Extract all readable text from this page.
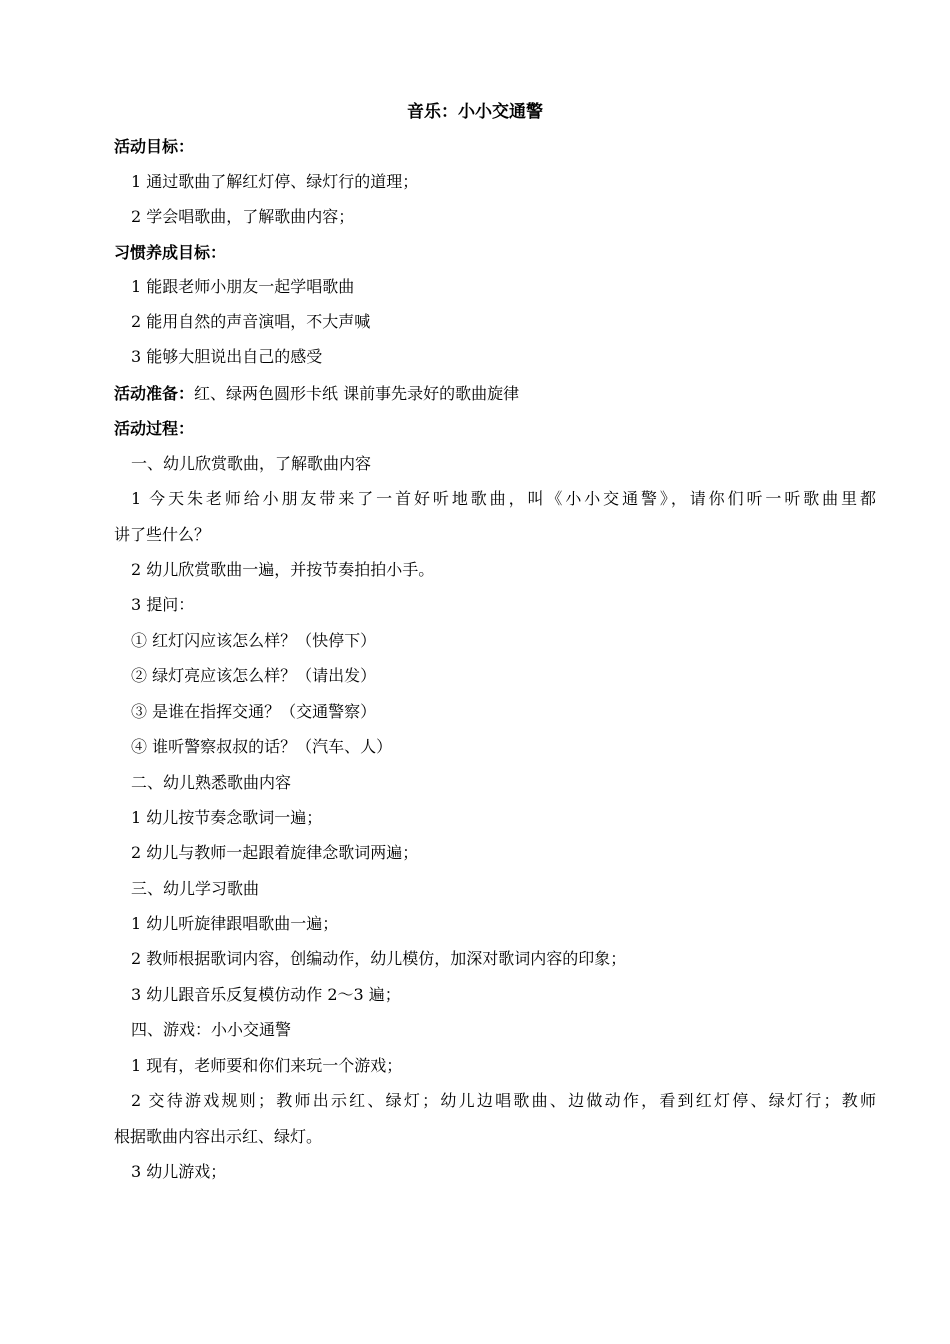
音乐：小小交通警
活动目标：
1 通过歌曲了解红灯停、绿灯行的道理；
2 学会唱歌曲，了解歌曲内容；
习惯养成目标：
1 能跟老师小朋友一起学唱歌曲
2 能用自然的声音演唱，不大声喊
3 能够大胆说出自己的感受
活动准备：红、绿两色圆形卡纸 课前事先录好的歌曲旋律
活动过程：
一、幼儿欣赏歌曲，了解歌曲内容
1 今天朱老师给小朋友带来了一首好听地歌曲，叫《小小交通警》，请你们听一听歌曲里都
讲了些什么？
2 幼儿欣赏歌曲一遍，并按节奏拍拍小手。
3 提问：
① 红灯闪应该怎么样？（快停下）
② 绿灯亮应该怎么样？（请出发）
③ 是谁在指挥交通？（交通警察）
④ 谁听警察叔叔的话？（汽车、人）
二、幼儿熟悉歌曲内容
1 幼儿按节奏念歌词一遍；
2 幼儿与教师一起跟着旋律念歌词两遍；
三、幼儿学习歌曲
1 幼儿听旋律跟唱歌曲一遍；
2 教师根据歌词内容，创编动作，幼儿模仿，加深对歌词内容的印象；
3 幼儿跟音乐反复模仿动作 2～3 遍；
四、游戏：小小交通警
1 现有，老师要和你们来玩一个游戏；
2 交待游戏规则；教师出示红、绿灯；幼儿边唱歌曲、边做动作，看到红灯停、绿灯行；教师
根据歌曲内容出示红、绿灯。
3 幼儿游戏；
